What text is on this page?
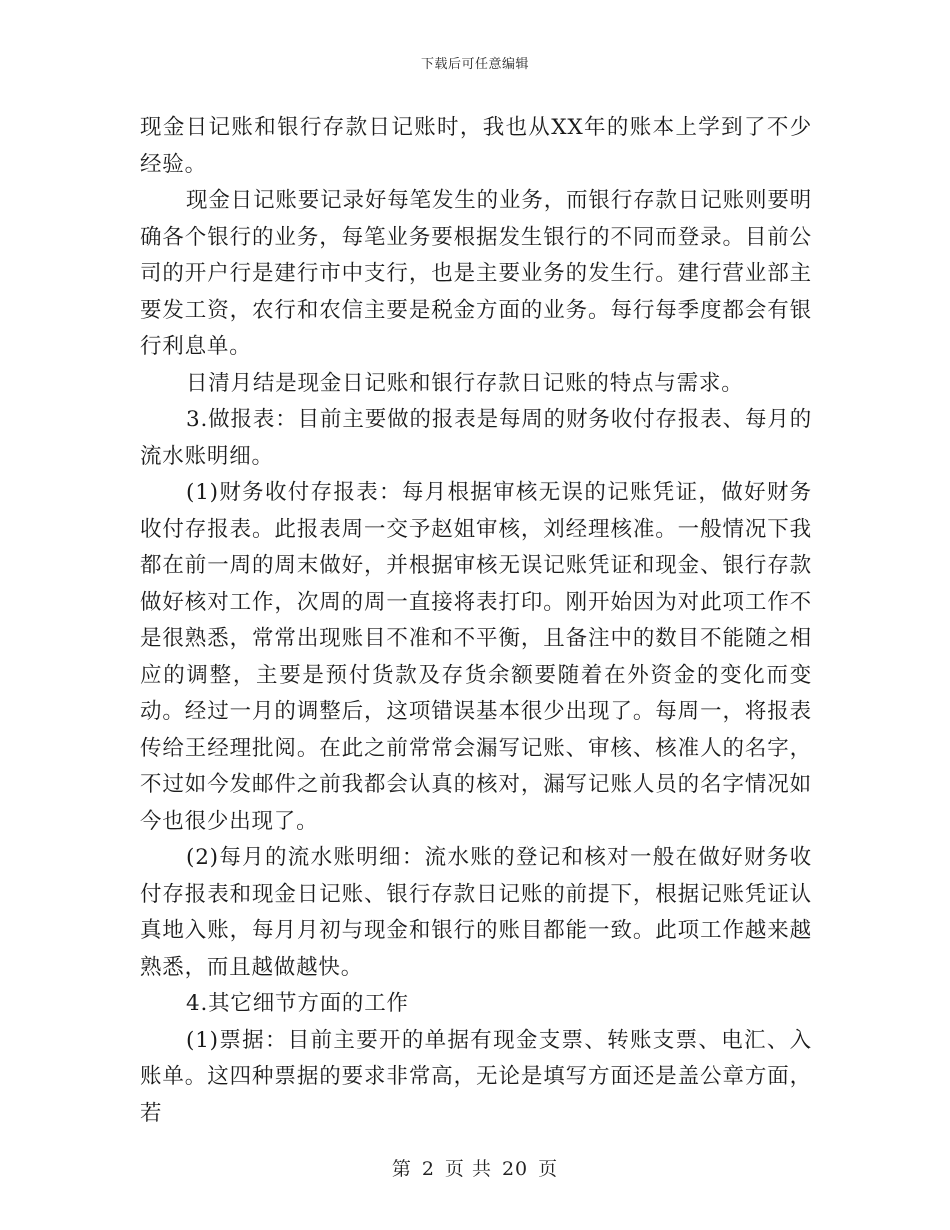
下载后可任意编辑

现金日记账和银行存款日记账时，我也从XX年的账本上学到了不少经验。

现金日记账要记录好每笔发生的业务，而银行存款日记账则要明确各个银行的业务，每笔业务要根据发生银行的不同而登录。目前公司的开户行是建行市中支行，也是主要业务的发生行。建行营业部主要发工资，农行和农信主要是税金方面的业务。每行每季度都会有银行利息单。

日清月结是现金日记账和银行存款日记账的特点与需求。

3.做报表：目前主要做的报表是每周的财务收付存报表、每月的流水账明细。

(1)财务收付存报表：每月根据审核无误的记账凭证，做好财务收付存报表。此报表周一交予赵姐审核，刘经理核准。一般情况下我都在前一周的周末做好，并根据审核无误记账凭证和现金、银行存款做好核对工作，次周的周一直接将表打印。刚开始因为对此项工作不是很熟悉，常常出现账目不准和不平衡，且备注中的数目不能随之相应的调整，主要是预付货款及存货余额要随着在外资金的变化而变动。经过一月的调整后，这项错误基本很少出现了。每周一，将报表传给王经理批阅。在此之前常常会漏写记账、审核、核准人的名字，不过如今发邮件之前我都会认真的核对，漏写记账人员的名字情况如今也很少出现了。

(2)每月的流水账明细：流水账的登记和核对一般在做好财务收付存报表和现金日记账、银行存款日记账的前提下，根据记账凭证认真地入账，每月月初与现金和银行的账目都能一致。此项工作越来越熟悉，而且越做越快。

4.其它细节方面的工作

(1)票据：目前主要开的单据有现金支票、转账支票、电汇、入账单。这四种票据的要求非常高，无论是填写方面还是盖公章方面，若

第 2 页 共 20 页
